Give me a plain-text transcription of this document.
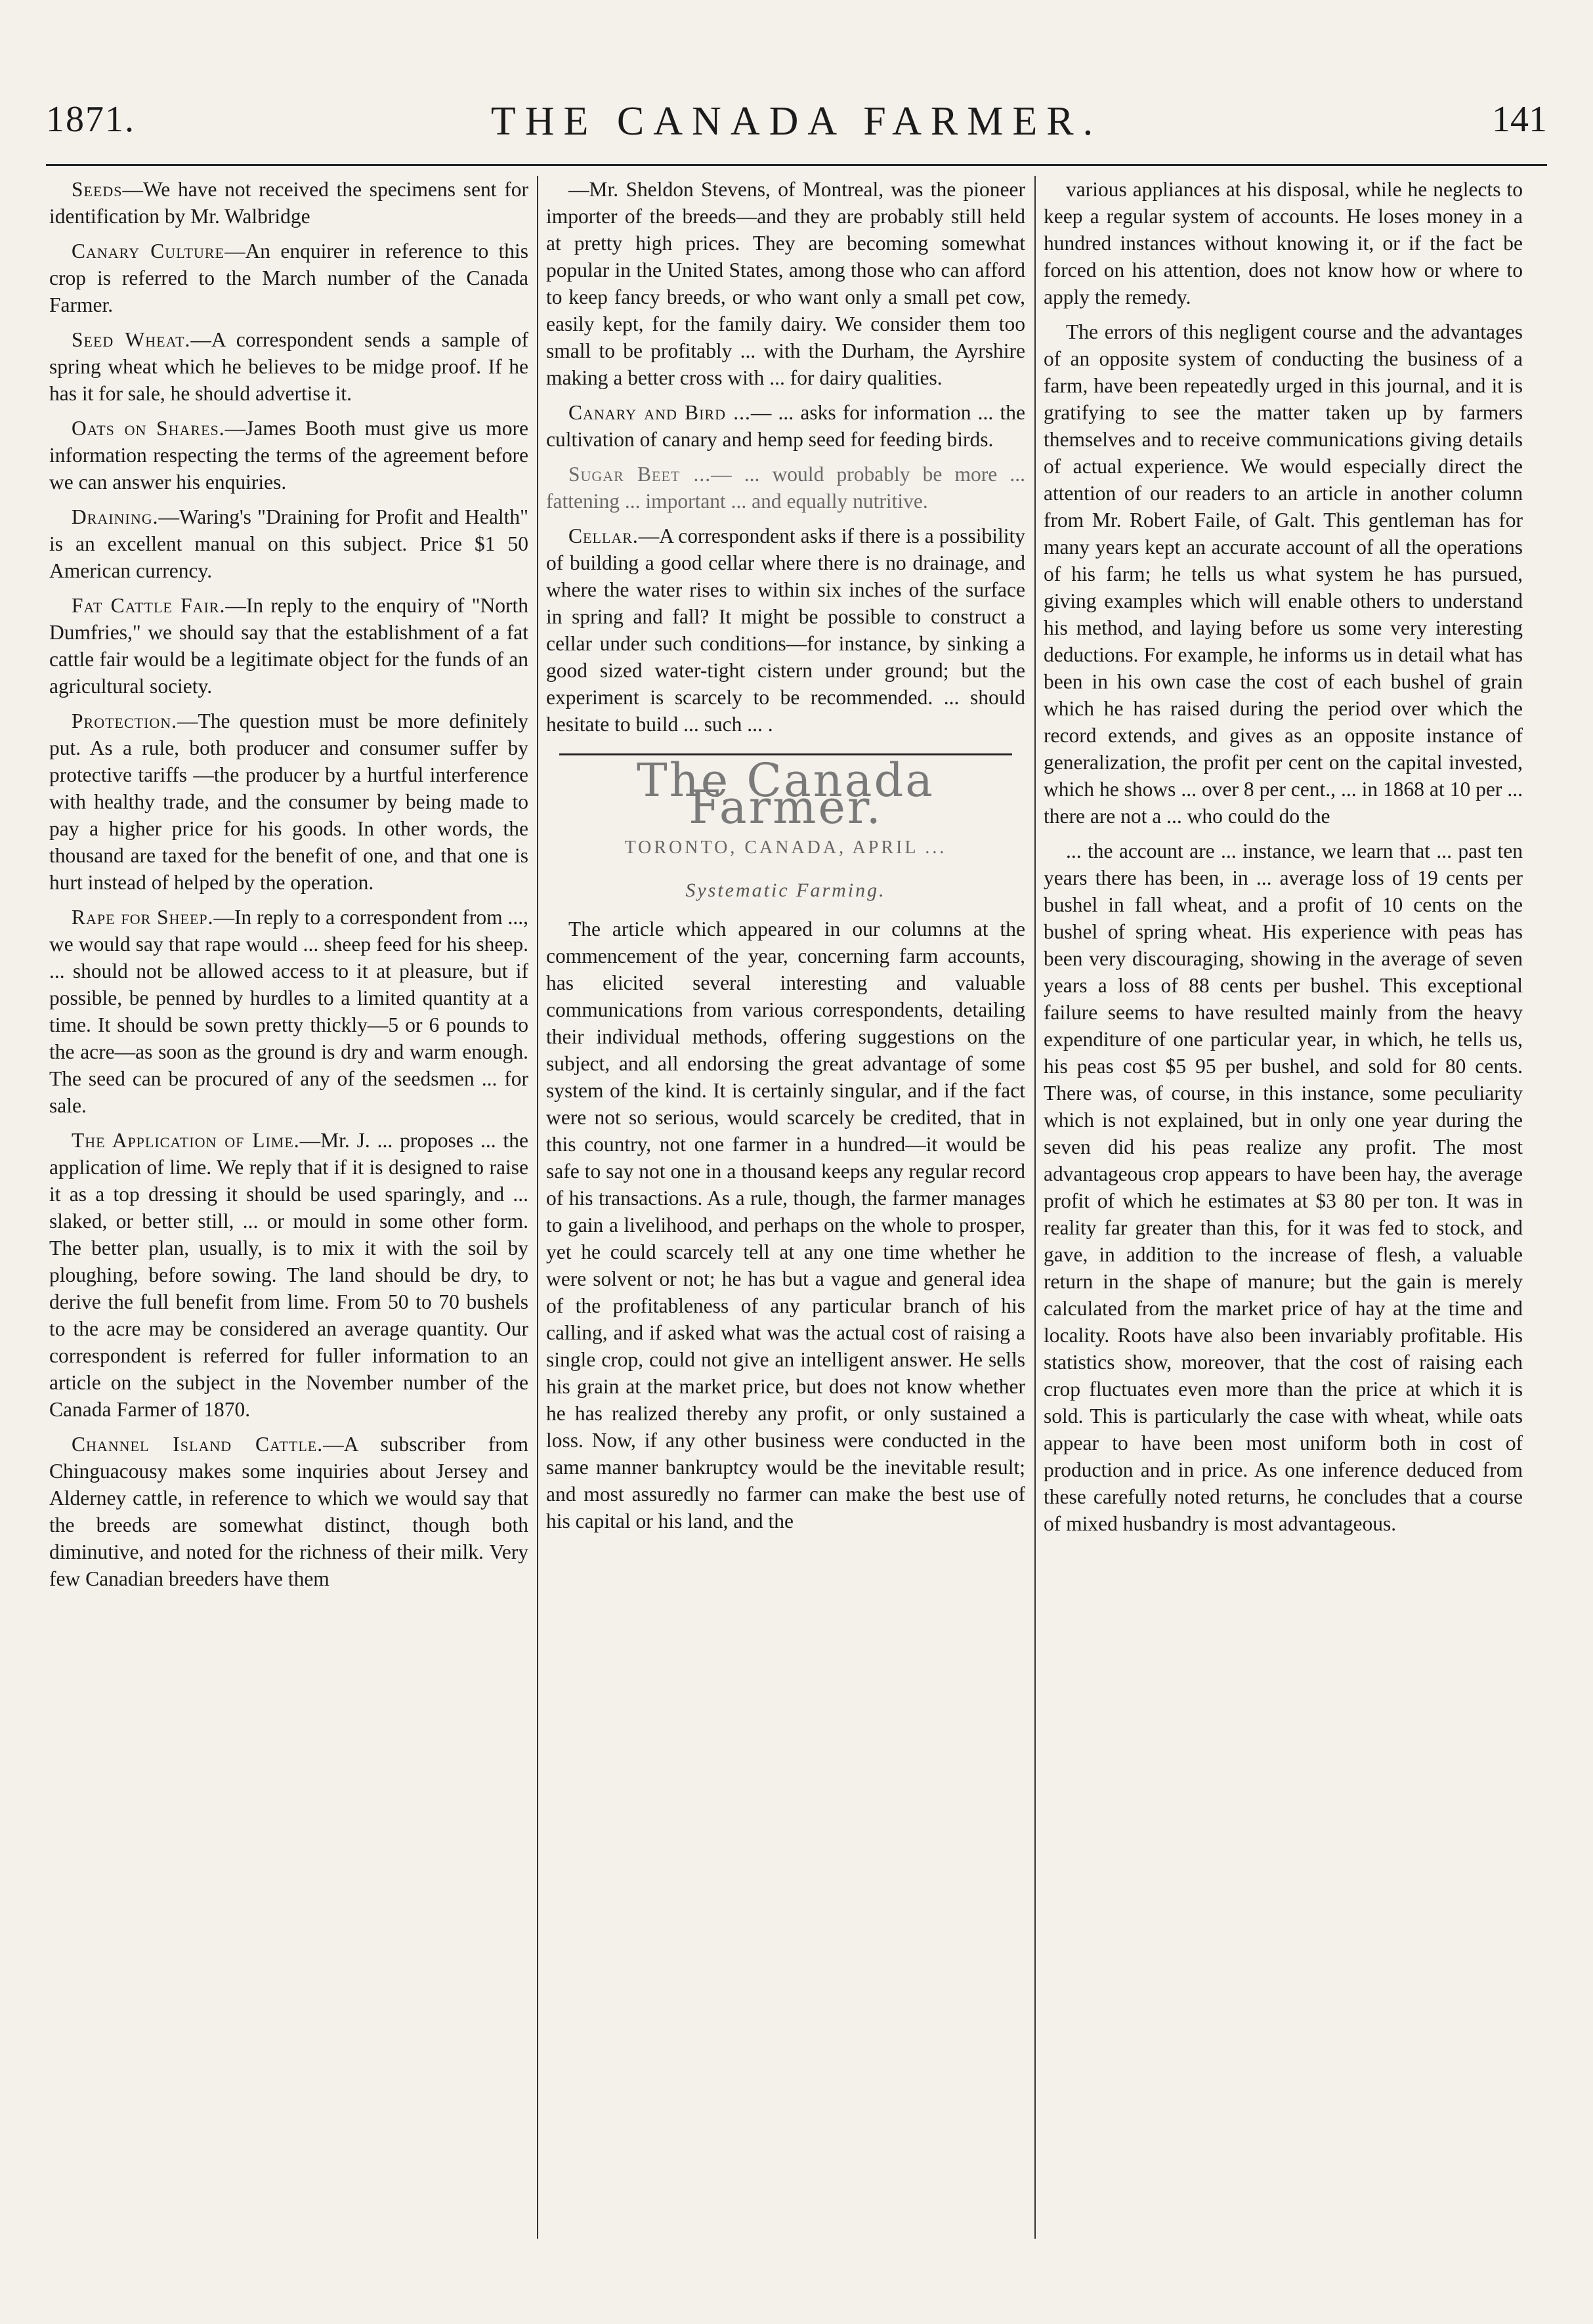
1871.	THE CANADA FARMER.	141

Seeds—We have not received the specimens sent for identification by Mr. Walbridge

Canary Culture—An enquirer in reference to this crop is referred to the March number of the Canada Farmer.

Seed Wheat.—A correspondent sends a sample of spring wheat which he believes to be midge proof. If he has it for sale, he should advertise it.

Oats on Shares.—James Booth must give us more information respecting the terms of the agreement before we can answer his enquiries.

Draining.—Waring's "Draining for Profit and Health" is an excellent manual on this subject. Price $1 50 American currency.

Fat Cattle Fair.—In reply to the enquiry of "North Dumfries," we should say that the establishment of a fat cattle fair would be a legitimate object for the funds of an agricultural society.

Protection.—The question must be more definitely put. As a rule, both producer and consumer suffer by protective tariffs —the producer by a hurtful interference with healthy trade, and the consumer by being made to pay a higher price for his goods. In other words, the thousand are taxed for the benefit of one, and that one is hurt instead of helped by the operation.

Rape for Sheep.—In reply to a correspondent from ..., we would say that rape would ... sheep feed for his sheep. ... should not be allowed access to it at pleasure, but if possible, be penned by hurdles to a limited quantity at a time. It should be sown pretty thickly—5 or 6 pounds to the acre—as soon as the ground is dry and warm enough. The seed can be procured of any of the seedsmen ... for sale.

The Application of Lime.—Mr. J. ... proposes ... the application of lime. We reply that if it is designed to raise it as a top dressing it should be used sparingly, and ... slaked, or better still, ... or mould in some other form. The better plan, usually, is to mix it with the soil by ploughing, before sowing. The land should be dry, to derive the full benefit from lime. From 50 to 70 bushels to the acre may be considered an average quantity. Our correspondent is referred for fuller information to an article on the subject in the November number of the Canada Farmer of 1870.

Channel Island Cattle.—A subscriber from Chinguacousy makes some inquiries about Jersey and Alderney cattle, in reference to which we would say that the breeds are somewhat distinct, though both diminutive, and noted for the richness of their milk. Very few Canadian breeders have them

—Mr. Sheldon Stevens, of Montreal, was the pioneer importer of the breeds—and they are probably still held at pretty high prices. They are becoming somewhat popular in the United States, among those who can afford to keep fancy breeds, or who want only a small pet cow, easily kept, for the family dairy. We consider them too small to be profitably ... with the Durham, the Ayrshire making a better cross with ... for dairy qualities.

Canary and Bird ...— ... asks for information ... the cultivation of canary and hemp seed for feeding birds.

Sugar Beet ...— ... would probably be more ... fattening ... important ... and equally nutritive.

Cellar.—A correspondent asks if there is a possibility of building a good cellar where there is no drainage, and where the water rises to within six inches of the surface in spring and fall? It might be possible to construct a cellar under such conditions—for instance, by sinking a good sized water-tight cistern under ground; but the experiment is scarcely to be recommended. ... should hesitate to build ... such ... .

The Canada Farmer.
TORONTO, CANADA, APRIL ...
Systematic Farming.

The article which appeared in our columns at the commencement of the year, concerning farm accounts, has elicited several interesting and valuable communications from various correspondents, detailing their individual methods, offering suggestions on the subject, and all endorsing the great advantage of some system of the kind. It is certainly singular, and if the fact were not so serious, would scarcely be credited, that in this country, not one farmer in a hundred—it would be safe to say not one in a thousand keeps any regular record of his transactions. As a rule, though, the farmer manages to gain a livelihood, and perhaps on the whole to prosper, yet he could scarcely tell at any one time whether he were solvent or not; he has but a vague and general idea of the profitableness of any particular branch of his calling, and if asked what was the actual cost of raising a single crop, could not give an intelligent answer. He sells his grain at the market price, but does not know whether he has realized thereby any profit, or only sustained a loss. Now, if any other business were conducted in the same manner bankruptcy would be the inevitable result; and most assuredly no farmer can make the best use of his capital or his land, and the

various appliances at his disposal, while he neglects to keep a regular system of accounts. He loses money in a hundred instances without knowing it, or if the fact be forced on his attention, does not know how or where to apply the remedy.

The errors of this negligent course and the advantages of an opposite system of conducting the business of a farm, have been repeatedly urged in this journal, and it is gratifying to see the matter taken up by farmers themselves and to receive communications giving details of actual experience. We would especially direct the attention of our readers to an article in another column from Mr. Robert Faile, of Galt. This gentleman has for many years kept an accurate account of all the operations of his farm; he tells us what system he has pursued, giving examples which will enable others to understand his method, and laying before us some very interesting deductions. For example, he informs us in detail what has been in his own case the cost of each bushel of grain which he has raised during the period over which the record extends, and gives as an opposite instance of generalization, the profit per cent on the capital invested, which he shows ... over 8 per cent., ... in 1868 at 10 per ... there are not a ... who could do the

... the account are ... instance, we learn that ... past ten years there has been, in ... average loss of 19 cents per bushel in fall wheat, and a profit of 10 cents on the bushel of spring wheat. His experience with peas has been very discouraging, showing in the average of seven years a loss of 88 cents per bushel. This exceptional failure seems to have resulted mainly from the heavy expenditure of one particular year, in which, he tells us, his peas cost $5 95 per bushel, and sold for 80 cents. There was, of course, in this instance, some peculiarity which is not explained, but in only one year during the seven did his peas realize any profit. The most advantageous crop appears to have been hay, the average profit of which he estimates at $3 80 per ton. It was in reality far greater than this, for it was fed to stock, and gave, in addition to the increase of flesh, a valuable return in the shape of manure; but the gain is merely calculated from the market price of hay at the time and locality. Roots have also been invariably profitable. His statistics show, moreover, that the cost of raising each crop fluctuates even more than the price at which it is sold. This is particularly the case with wheat, while oats appear to have been most uniform both in cost of production and in price. As one inference deduced from these carefully noted returns, he concludes that a course of mixed husbandry is most advantageous.
